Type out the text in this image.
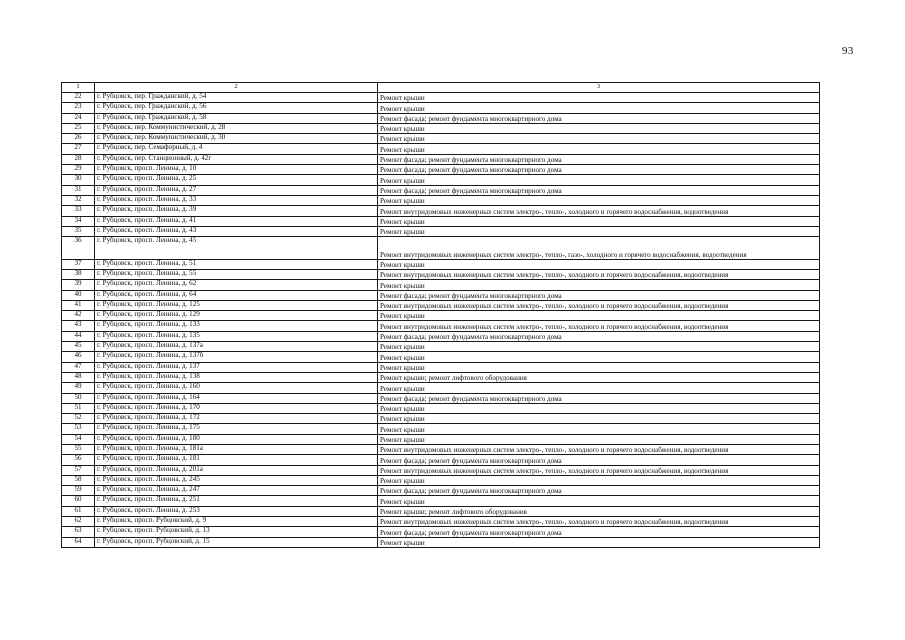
93
1	2	3
22	г. Рубцовск, пер. Гражданский, д. 54	Ремонт крыши
23	г. Рубцовск, пер. Гражданский, д. 56	Ремонт крыши
24	г. Рубцовск, пер. Гражданский, д. 58	Ремонт фасада; ремонт фундамента многоквартирного дома
25	г. Рубцовск, пер. Коммунистический, д. 28	Ремонт крыши
26	г. Рубцовск, пер. Коммунистический, д. 30	Ремонт крыши
27	г. Рубцовск, пер. Семафорный, д. 4	Ремонт крыши
28	г. Рубцовск, пер. Станционный, д. 42г	Ремонт фасада; ремонт фундамента многоквартирного дома
29	г. Рубцовск, просп. Ленина, д. 10	Ремонт фасада; ремонт фундамента многоквартирного дома
30	г. Рубцовск, просп. Ленина, д. 25	Ремонт крыши
31	г. Рубцовск, просп. Ленина, д. 27	Ремонт фасада; ремонт фундамента многоквартирного дома
32	г. Рубцовск, просп. Ленина, д. 33	Ремонт крыши
33	г. Рубцовск, просп. Ленина, д. 39	Ремонт внутридомовых инженерных систем электро-, тепло-, холодного и горячего водоснабжения, водоотведения
34	г. Рубцовск, просп. Ленина, д. 41	Ремонт крыши
35	г. Рубцовск, просп. Ленина, д. 43	Ремонт крыши
36	г. Рубцовск, просп. Ленина, д. 45	Ремонт внутридомовых инженерных систем электро-, тепло-, газо-, холодного и горячего водоснабжения, водоотведения
37	г. Рубцовск, просп. Ленина, д. 51	Ремонт крыши
38	г. Рубцовск, просп. Ленина, д. 55	Ремонт внутридомовых инженерных систем электро-, тепло-, холодного и горячего водоснабжения, водоотведения
39	г. Рубцовск, просп. Ленина, д. 62	Ремонт крыши
40	г. Рубцовск, просп. Ленина, д. 64	Ремонт фасада; ремонт фундамента многоквартирного дома
41	г. Рубцовск, просп. Ленина, д. 125	Ремонт внутридомовых инженерных систем электро-, тепло-, холодного и горячего водоснабжения, водоотведения
42	г. Рубцовск, просп. Ленина, д. 129	Ремонт крыши
43	г. Рубцовск, просп. Ленина, д. 133	Ремонт внутридомовых инженерных систем электро-, тепло-, холодного и горячего водоснабжения, водоотведения
44	г. Рубцовск, просп. Ленина, д. 135	Ремонт фасада; ремонт фундамента многоквартирного дома
45	г. Рубцовск, просп. Ленина, д. 137а	Ремонт крыши
46	г. Рубцовск, просп. Ленина, д. 137б	Ремонт крыши
47	г. Рубцовск, просп. Ленина, д. 137	Ремонт крыши
48	г. Рубцовск, просп. Ленина, д. 138	Ремонт крыши; ремонт лифтового оборудования
49	г. Рубцовск, просп. Ленина, д. 160	Ремонт крыши
50	г. Рубцовск, просп. Ленина, д. 164	Ремонт фасада; ремонт фундамента многоквартирного дома
51	г. Рубцовск, просп. Ленина, д. 170	Ремонт крыши
52	г. Рубцовск, просп. Ленина, д. 172	Ремонт крыши
53	г. Рубцовск, просп. Ленина, д. 175	Ремонт крыши
54	г. Рубцовск, просп. Ленина, д. 180	Ремонт крыши
55	г. Рубцовск, просп. Ленина, д. 181а	Ремонт внутридомовых инженерных систем электро-, тепло-, холодного и горячего водоснабжения, водоотведения
56	г. Рубцовск, просп. Ленина, д. 181	Ремонт фасада; ремонт фундамента многоквартирного дома
57	г. Рубцовск, просп. Ленина, д. 201а	Ремонт внутридомовых инженерных систем электро-, тепло-, холодного и горячего водоснабжения, водоотведения
58	г. Рубцовск, просп. Ленина, д. 245	Ремонт крыши
59	г. Рубцовск, просп. Ленина, д. 247	Ремонт фасада; ремонт фундамента многоквартирного дома
60	г. Рубцовск, просп. Ленина, д. 251	Ремонт крыши
61	г. Рубцовск, просп. Ленина, д. 253	Ремонт крыши; ремонт лифтового оборудования
62	г. Рубцовск, просп. Рубцовский, д. 9	Ремонт внутридомовых инженерных систем электро-, тепло-, холодного и горячего водоснабжения, водоотведения
63	г. Рубцовск, просп. Рубцовский, д. 13	Ремонт фасада; ремонт фундамента многоквартирного дома
64	г. Рубцовск, просп. Рубцовский, д. 15	Ремонт крыши
